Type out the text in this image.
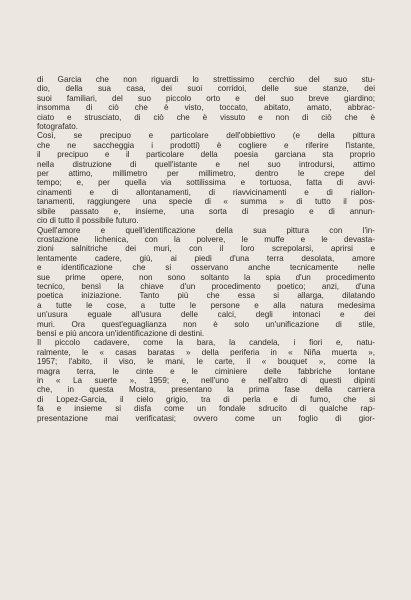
di Garcia che non riguardi lo strettissimo cerchio del suo stu-
dio, della sua casa, dei suoi corridoi, delle sue stanze, dei
suoi familiari, del suo piccolo orto e del suo breve giardino;
insomma di ciò che è visto, toccato, abitato, amato, abbrac-
ciato e strusciato, di ciò che è vissuto e non di ciò che è
fotografato.
Così, se precipuo e particolare dell'obbiettivo (e della pittura
che ne saccheggia i prodotti) è cogliere e riferire l'istante,
il precipuo e il particolare della poesia garciana sta proprio
nella distruzione di quell'istante e nel suo introdursi, attimo
per attimo, millimetro per millimetro, dentro le crepe del
tempo; e, per quella via sottilissima e tortuosa, fatta di avvi-
cinamenti e di allontanamenti, di riavvicinamenti e di riallon-
tanamenti, raggiungere una specie di « summa » di tutto il pos-
sibile passato e, insieme, una sorta di presagio e di annun-
cio di tutto il possibile futuro.
Quell'amore e quell'identificazione della sua pittura con l'in-
crostazione lichenica, con la polvere, le muffe e le devasta-
zioni salnitriche dei muri, con il loro screpolarsi, aprirsi e
lentamente cadere, giù, ai piedi d'una terra desolata, amore
e identificazione che si osservano anche tecnicamente nelle
sue prime opere, non sono soltanto la spia d'un procedimento
tecnico, bensì la chiave d'un procedimento poetico; anzi, d'una
poetica iniziazione. Tanto più che essa si allarga, dilatando
a tutte le cose, a tutte le persone e alla natura medesima
un'usura eguale all'usura delle calci, degli intonaci e dei
muri. Ora quest'eguaglianza non è solo un'unificazione di stile,
bensì e più ancora un'identificazione di destini.
Il piccolo cadavere, come la bara, la candela, i fiori e, natu-
ralmente, le « casas baratas » della periferia in « Niña muerta »,
1957; l'abito, il viso, le mani, le carte, il « bouquet », come la
magra terra, le cinte e le ciminiere delle fabbriche lontane
in « La suerte », 1959; e, nell'uno e nell'altro di questi dipinti
che, in questa Mostra, presentano la prima fase della carriera
di Lopez-Garcia, il cielo grigio, tra di perla e di fumo, che si
fa e insieme si disfa come un fondale sdrucito di qualche rap-
presentazione mai verificatasi; ovvero come un foglio di gior-
